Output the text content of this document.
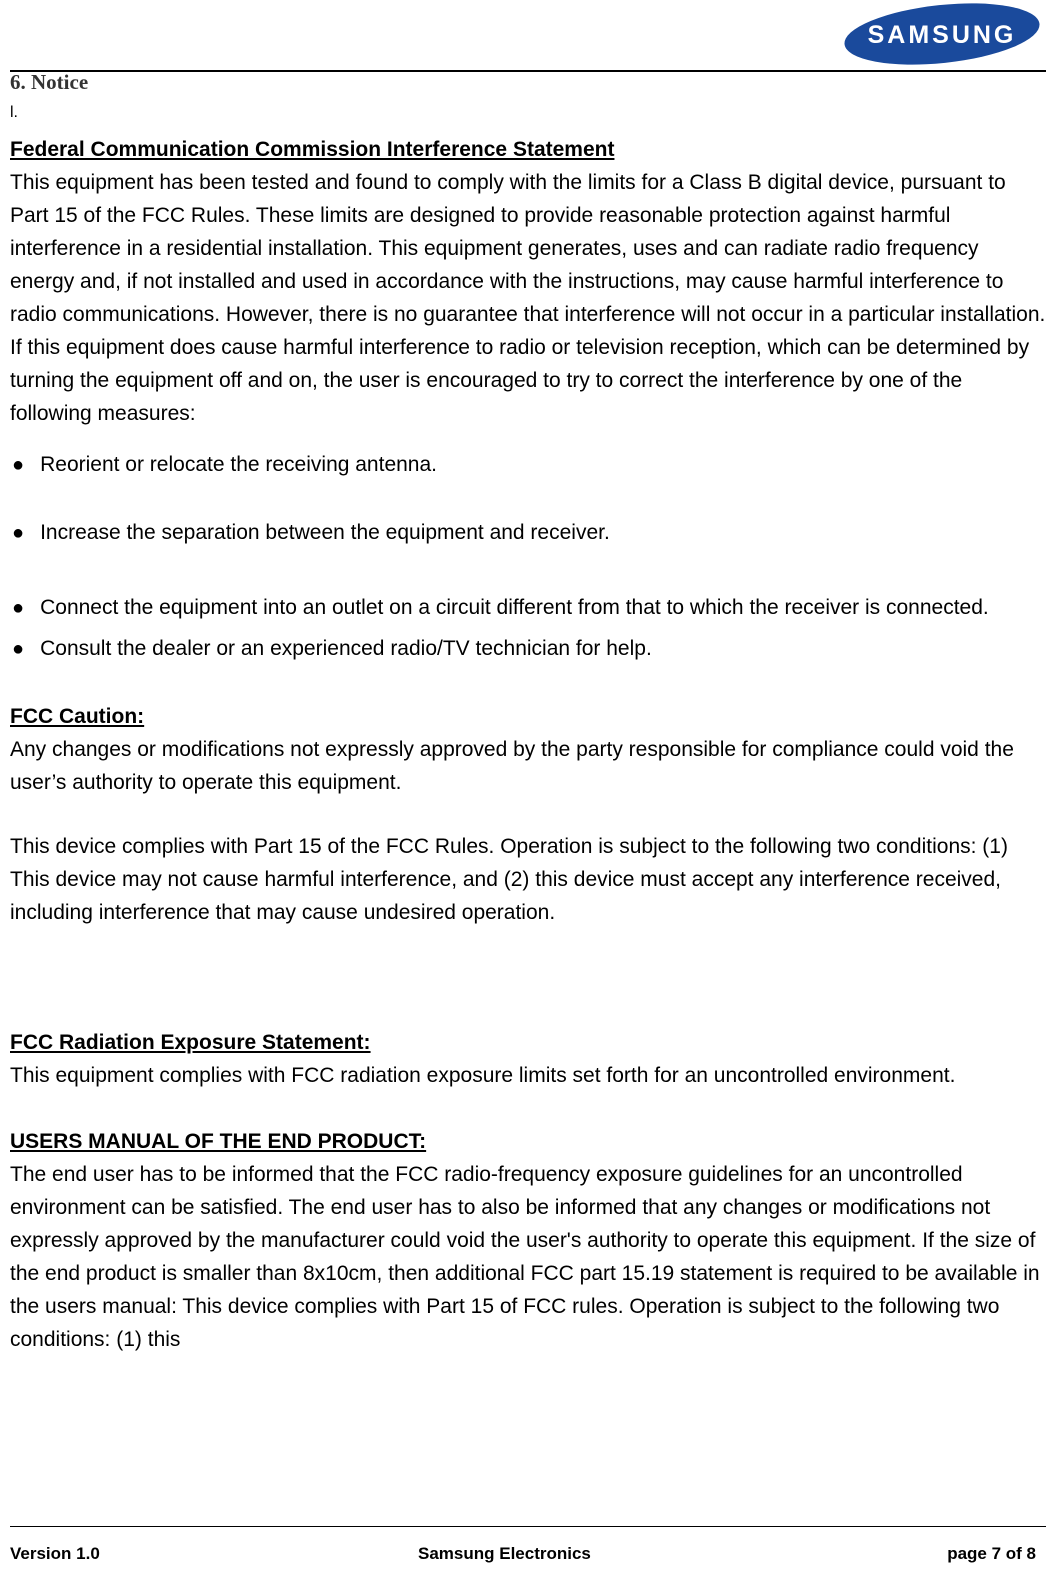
SAMSUNG
6. Notice
l.

Federal Communication Commission Interference Statement

This equipment has been tested and found to comply with the limits for a Class B digital device, pursuant to Part 15 of the FCC Rules. These limits are designed to provide reasonable protection against harmful interference in a residential installation. This equipment generates, uses and can radiate radio frequency energy and, if not installed and used in accordance with the instructions, may cause harmful interference to radio communications. However, there is no guarantee that interference will not occur in a particular installation. If this equipment does cause harmful interference to radio or television reception, which can be determined by turning the equipment off and on, the user is encouraged to try to correct the interference by one of the following measures:

● Reorient or relocate the receiving antenna.
● Increase the separation between the equipment and receiver.
● Connect the equipment into an outlet on a circuit different from that to which the receiver is connected.
● Consult the dealer or an experienced radio/TV technician for help.

FCC Caution:

Any changes or modifications not expressly approved by the party responsible for compliance could void the user’s authority to operate this equipment.

This device complies with Part 15 of the FCC Rules. Operation is subject to the following two conditions: (1) This device may not cause harmful interference, and (2) this device must accept any interference received, including interference that may cause undesired operation.

FCC Radiation Exposure Statement:

This equipment complies with FCC radiation exposure limits set forth for an uncontrolled environment.

USERS MANUAL OF THE END PRODUCT:

The end user has to be informed that the FCC radio-frequency exposure guidelines for an uncontrolled environment can be satisfied. The end user has to also be informed that any changes or modifications not expressly approved by the manufacturer could void the user's authority to operate this equipment. If the size of the end product is smaller than 8x10cm, then additional FCC part 15.19 statement is required to be available in the users manual: This device complies with Part 15 of FCC rules. Operation is subject to the following two conditions: (1) this

Version 1.0	Samsung Electronics	page 7 of 8
